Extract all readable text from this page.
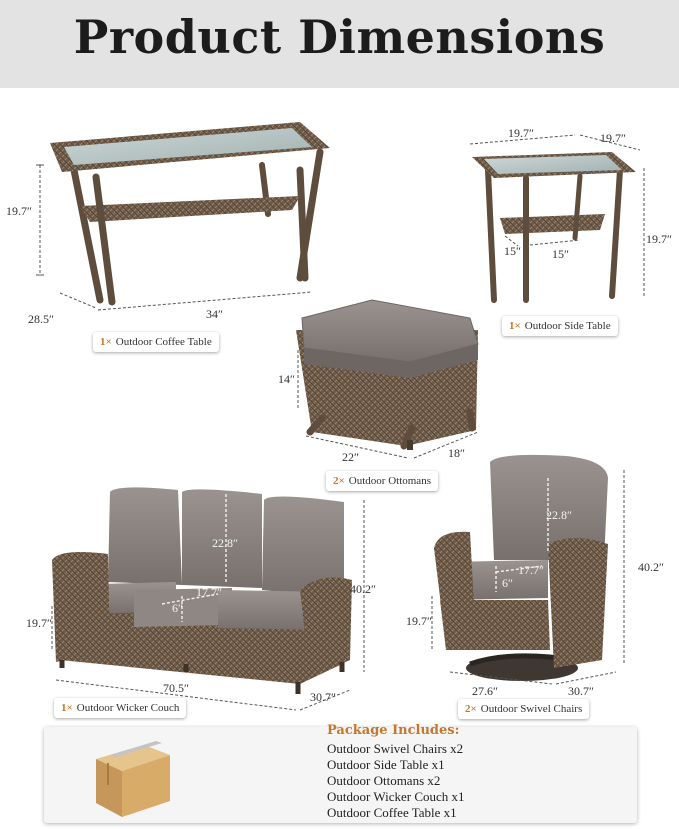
Product Dimensions
19.7″
28.5″	34″
1× Outdoor Coffee Table
19.7″	19.7″
19.7″
15″	15″
1× Outdoor Side Table
14″
22″	18″
2× Outdoor Ottomans
22.8″
17.7″
6″
40.2″
19.7″
70.5″
30.7″
1× Outdoor Wicker Couch
22.8″
17.7″
6″
40.2″
19.7″
27.6″	30.7″
2× Outdoor Swivel Chairs
Package Includes:
Outdoor Swivel Chairs x2
Outdoor Side Table x1
Outdoor Ottomans x2
Outdoor Wicker Couch x1
Outdoor Coffee Table x1
